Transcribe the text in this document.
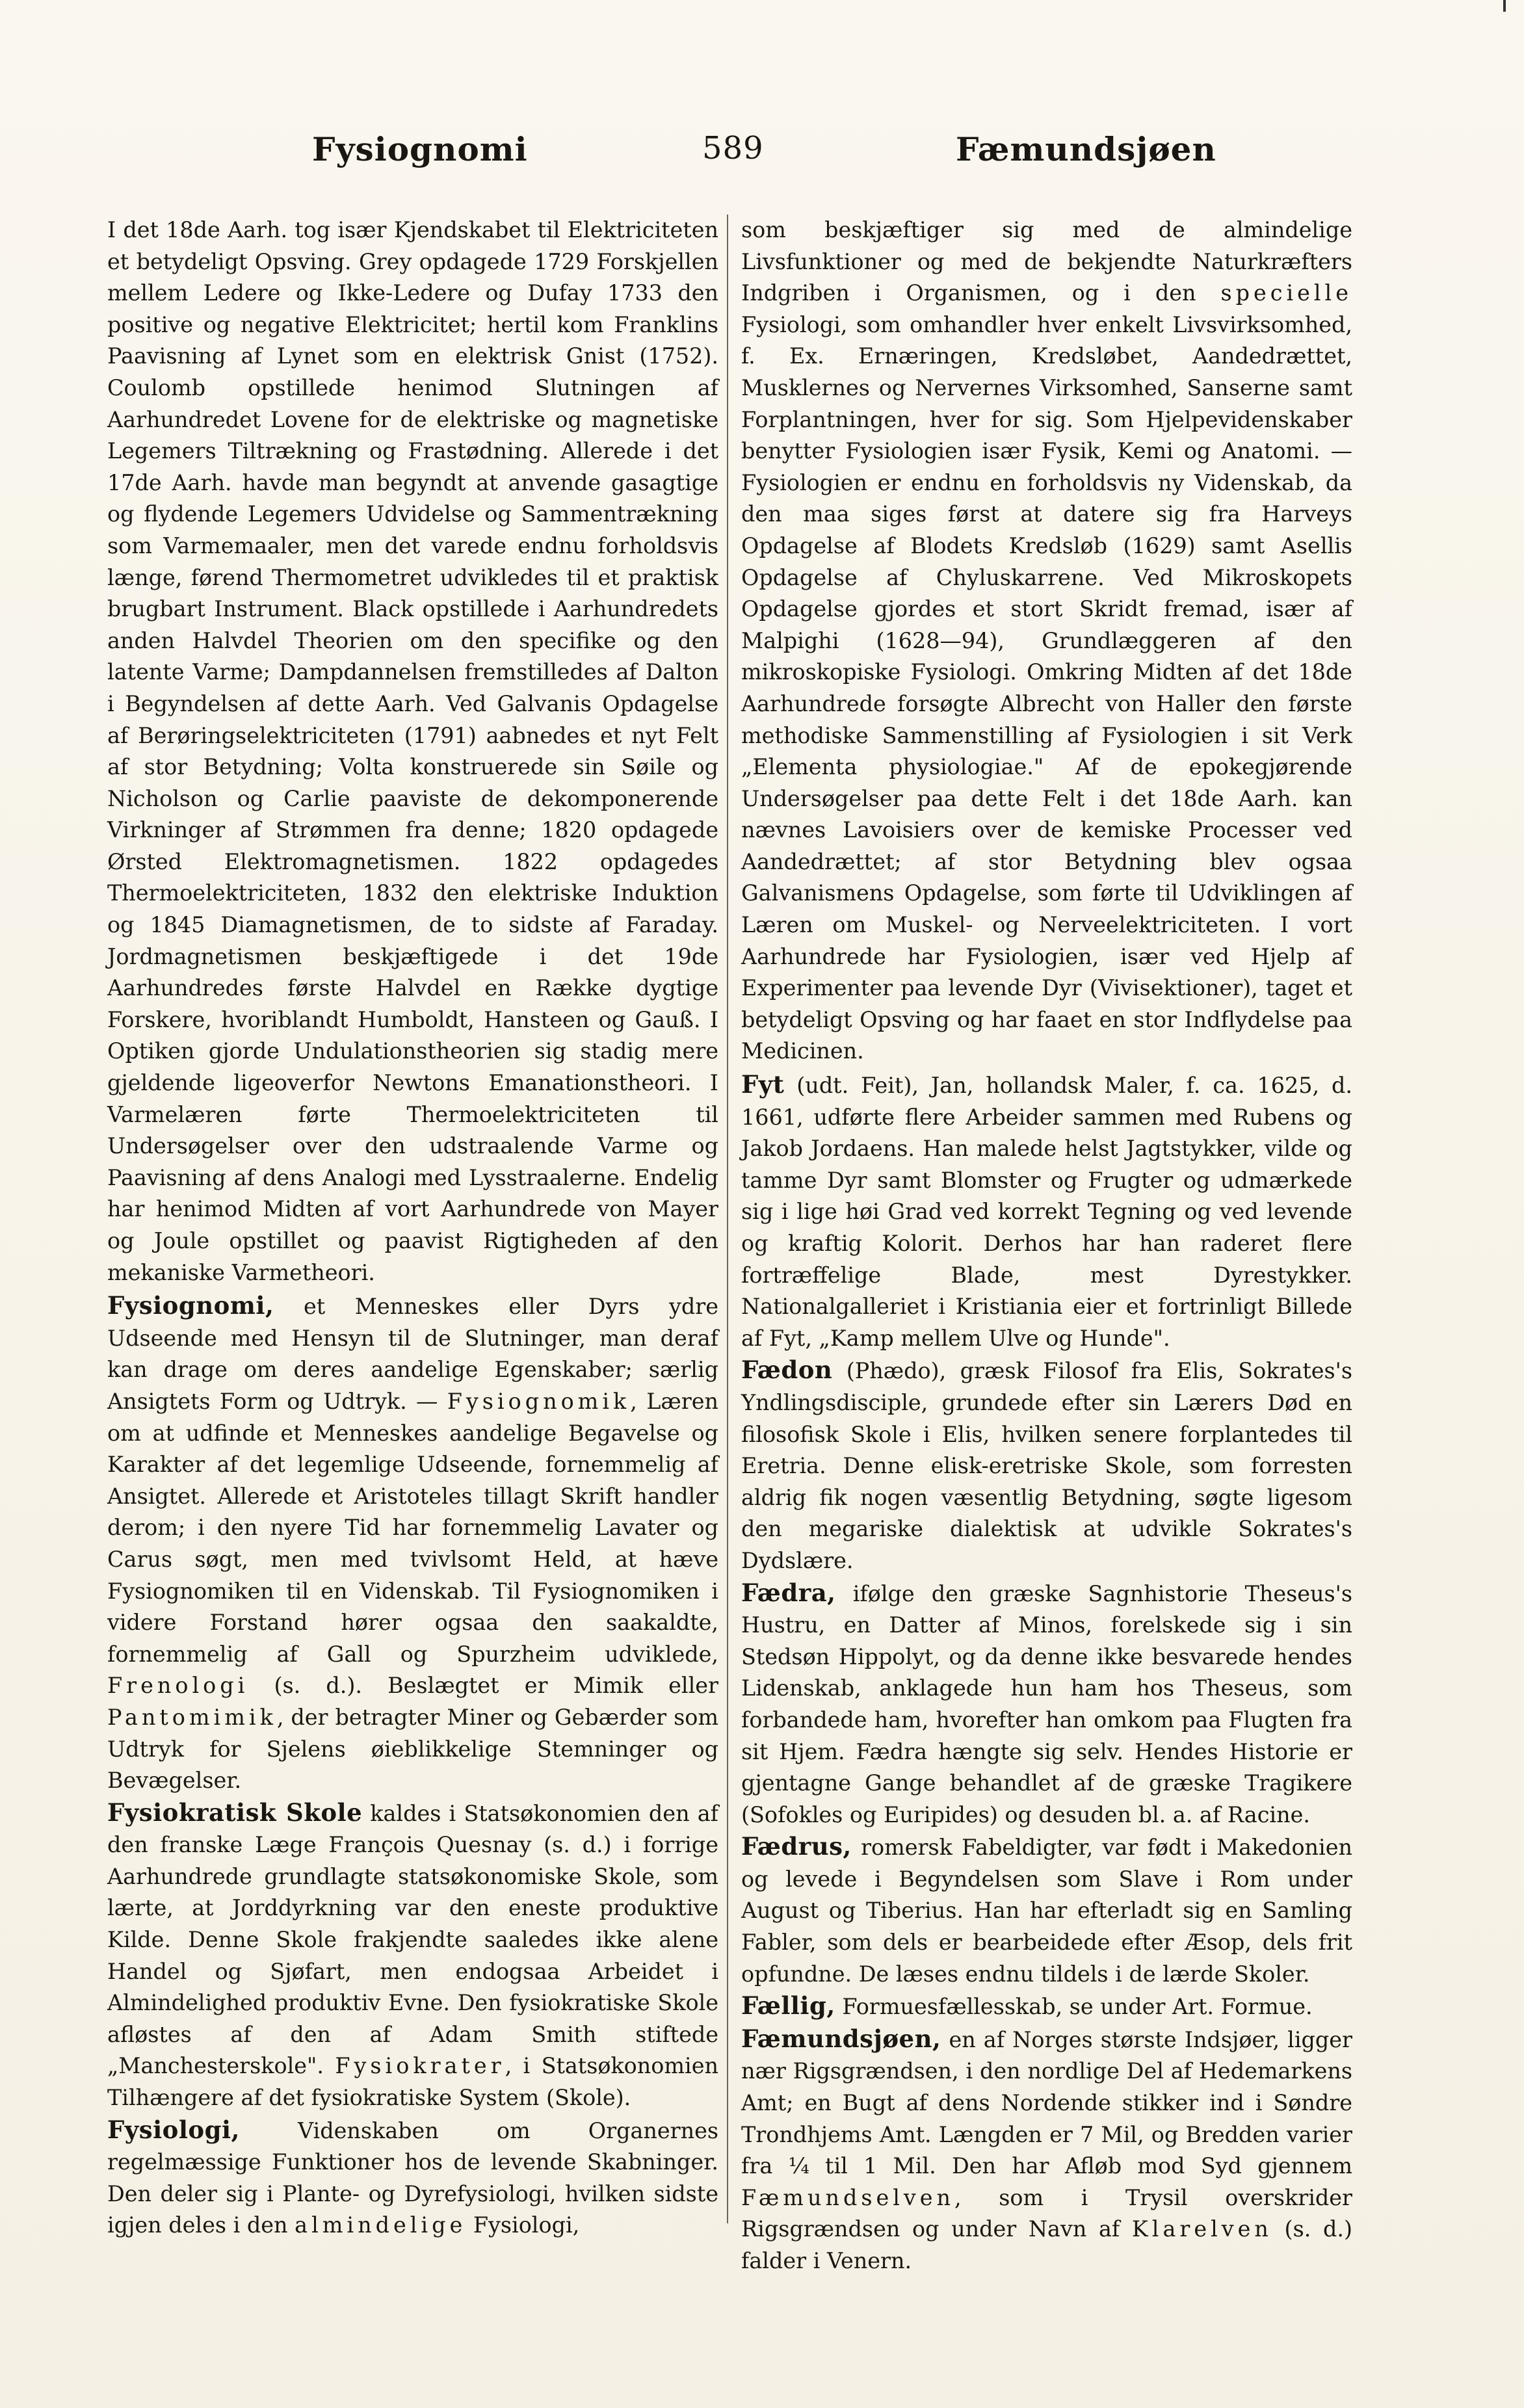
Fysiognomi	589	Fæmundsjøen

I det 18de Aarh. tog især Kjendskabet til Elektriciteten et betydeligt Opsving. Grey opdagede 1729 Forskjellen mellem Ledere og Ikke-Ledere og Dufay 1733 den positive og negative Elektricitet; hertil kom Franklins Paavisning af Lynet som en elektrisk Gnist (1752). Coulomb opstillede henimod Slutningen af Aarhundredet Lovene for de elektriske og magnetiske Legemers Tiltrækning og Frastødning. Allerede i det 17de Aarh. havde man begyndt at anvende gasagtige og flydende Legemers Udvidelse og Sammentrækning som Varmemaaler, men det varede endnu forholdsvis længe, førend Thermometret udvikledes til et praktisk brugbart Instrument. Black opstillede i Aarhundredets anden Halvdel Theorien om den specifike og den latente Varme; Dampdannelsen fremstilledes af Dalton i Begyndelsen af dette Aarh. Ved Galvanis Opdagelse af Berøringselektriciteten (1791) aabnedes et nyt Felt af stor Betydning; Volta konstruerede sin Søile og Nicholson og Carlie paaviste de dekomponerende Virkninger af Strømmen fra denne; 1820 opdagede Ørsted Elektromagnetismen. 1822 opdagedes Thermoelektriciteten, 1832 den elektriske Induktion og 1845 Diamagnetismen, de to sidste af Faraday. Jordmagnetismen beskjæftigede i det 19de Aarhundredes første Halvdel en Række dygtige Forskere, hvoriblandt Humboldt, Hansteen og Gauß. I Optiken gjorde Undulationstheorien sig stadig mere gjeldende ligeoverfor Newtons Emanationstheori. I Varmelæren førte Thermoelektriciteten til Undersøgelser over den udstraalende Varme og Paavisning af dens Analogi med Lysstraalerne. Endelig har henimod Midten af vort Aarhundrede von Mayer og Joule opstillet og paavist Rigtigheden af den mekaniske Varmetheori.

Fysiognomi, et Menneskes eller Dyrs ydre Udseende med Hensyn til de Slutninger, man deraf kan drage om deres aandelige Egenskaber; særlig Ansigtets Form og Udtryk. — Fysiognomik, Læren om at udfinde et Menneskes aandelige Begavelse og Karakter af det legemlige Udseende, fornemmelig af Ansigtet. Allerede et Aristoteles tillagt Skrift handler derom; i den nyere Tid har fornemmelig Lavater og Carus søgt, men med tvivlsomt Held, at hæve Fysiognomiken til en Videnskab. Til Fysiognomiken i videre Forstand hører ogsaa den saakaldte, fornemmelig af Gall og Spurzheim udviklede, Frenologi (s. d.). Beslægtet er Mimik eller Pantomimik, der betragter Miner og Gebærder som Udtryk for Sjelens øieblikkelige Stemninger og Bevægelser.

Fysiokratisk Skole kaldes i Statsøkonomien den af den franske Læge François Quesnay (s. d.) i forrige Aarhundrede grundlagte statsøkonomiske Skole, som lærte, at Jorddyrkning var den eneste produktive Kilde. Denne Skole frakjendte saaledes ikke alene Handel og Sjøfart, men endogsaa Arbeidet i Almindelighed produktiv Evne. Den fysiokratiske Skole afløstes af den af Adam Smith stiftede „Manchesterskole". Fysiokrater, i Statsøkonomien Tilhængere af det fysiokratiske System (Skole).

Fysiologi, Videnskaben om Organernes regelmæssige Funktioner hos de levende Skabninger. Den deler sig i Plante- og Dyrefysiologi, hvilken sidste igjen deles i den almindelige Fysiologi,

som beskjæftiger sig med de almindelige Livsfunktioner og med de bekjendte Naturkræfters Indgriben i Organismen, og i den specielle Fysiologi, som omhandler hver enkelt Livsvirksomhed, f. Ex. Ernæringen, Kredsløbet, Aandedrættet, Musklernes og Nervernes Virksomhed, Sanserne samt Forplantningen, hver for sig. Som Hjelpevidenskaber benytter Fysiologien især Fysik, Kemi og Anatomi. — Fysiologien er endnu en forholdsvis ny Videnskab, da den maa siges først at datere sig fra Harveys Opdagelse af Blodets Kredsløb (1629) samt Asellis Opdagelse af Chyluskarrene. Ved Mikroskopets Opdagelse gjordes et stort Skridt fremad, især af Malpighi (1628—94), Grundlæggeren af den mikroskopiske Fysiologi. Omkring Midten af det 18de Aarhundrede forsøgte Albrecht von Haller den første methodiske Sammenstilling af Fysiologien i sit Verk „Elementa physiologiae." Af de epokegjørende Undersøgelser paa dette Felt i det 18de Aarh. kan nævnes Lavoisiers over de kemiske Processer ved Aandedrættet; af stor Betydning blev ogsaa Galvanismens Opdagelse, som førte til Udviklingen af Læren om Muskel- og Nerveelektriciteten. I vort Aarhundrede har Fysiologien, især ved Hjelp af Experimenter paa levende Dyr (Vivisektioner), taget et betydeligt Opsving og har faaet en stor Indflydelse paa Medicinen.

Fyt (udt. Feit), Jan, hollandsk Maler, f. ca. 1625, d. 1661, udførte flere Arbeider sammen med Rubens og Jakob Jordaens. Han malede helst Jagtstykker, vilde og tamme Dyr samt Blomster og Frugter og udmærkede sig i lige høi Grad ved korrekt Tegning og ved levende og kraftig Kolorit. Derhos har han raderet flere fortræffelige Blade, mest Dyrestykker. Nationalgalleriet i Kristiania eier et fortrinligt Billede af Fyt, „Kamp mellem Ulve og Hunde".

Fædon (Phædo), græsk Filosof fra Elis, Sokrates's Yndlingsdisciple, grundede efter sin Lærers Død en filosofisk Skole i Elis, hvilken senere forplantedes til Eretria. Denne elisk-eretriske Skole, som forresten aldrig fik nogen væsentlig Betydning, søgte ligesom den megariske dialektisk at udvikle Sokrates's Dydslære.

Fædra, ifølge den græske Sagnhistorie Theseus's Hustru, en Datter af Minos, forelskede sig i sin Stedsøn Hippolyt, og da denne ikke besvarede hendes Lidenskab, anklagede hun ham hos Theseus, som forbandede ham, hvorefter han omkom paa Flugten fra sit Hjem. Fædra hængte sig selv. Hendes Historie er gjentagne Gange behandlet af de græske Tragikere (Sofokles og Euripides) og desuden bl. a. af Racine.

Fædrus, romersk Fabeldigter, var født i Makedonien og levede i Begyndelsen som Slave i Rom under August og Tiberius. Han har efterladt sig en Samling Fabler, som dels er bearbeidede efter Æsop, dels frit opfundne. De læses endnu tildels i de lærde Skoler.

Fællig, Formuesfællesskab, se under Art. Formue.

Fæmundsjøen, en af Norges største Indsjøer, ligger nær Rigsgrændsen, i den nordlige Del af Hedemarkens Amt; en Bugt af dens Nordende stikker ind i Søndre Trondhjems Amt. Længden er 7 Mil, og Bredden varier fra ¼ til 1 Mil. Den har Afløb mod Syd gjennem Fæmundselven, som i Trysil overskrider Rigsgrændsen og under Navn af Klarelven (s. d.) falder i Venern.
